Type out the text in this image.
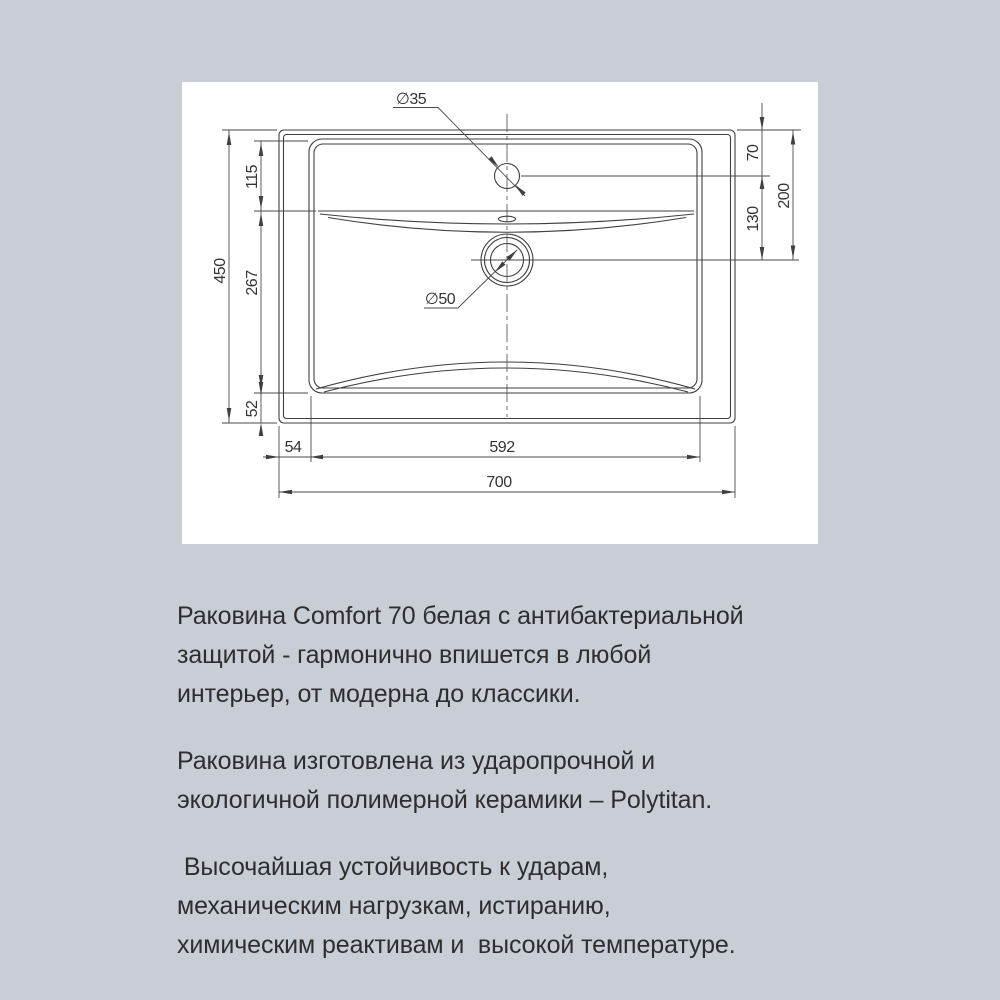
∅35
∅50
450
115
267
52
54	592
700
70
130
200

Раковина Comfort 70 белая с антибактериальной
защитой - гармонично впишется в любой
интерьер, от модерна до классики.

Раковина изготовлена из ударопрочной и
экологичной полимерной керамики – Polytitan.

Высочайшая устойчивость к ударам,
механическим нагрузкам, истиранию,
химическим реактивам и  высокой температуре.
